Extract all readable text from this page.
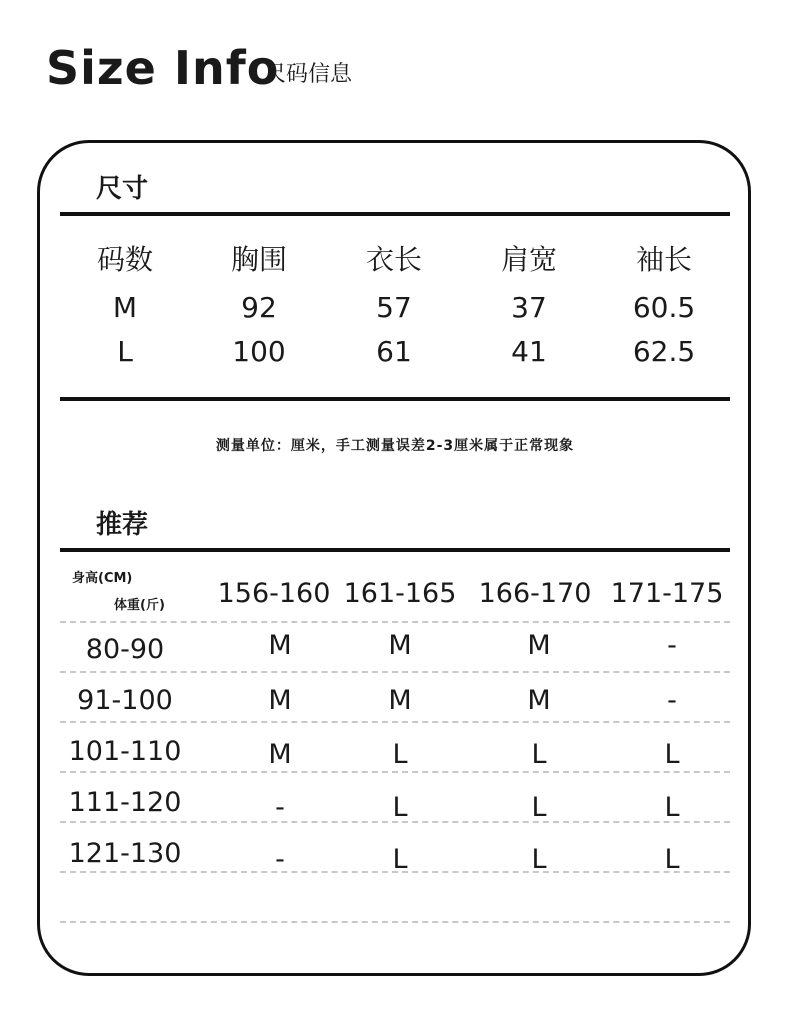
Size Info
尺码信息
尺寸
码数	胸围	衣长	肩宽	袖长
M	92	57	37	60.5
L	100	61	41	62.5
测量单位：厘米，手工测量误差2-3厘米属于正常现象
推荐
身高(CM)
体重(斤)	156-160 161-165 166-170 171-175
80-90	M	M	M	-
91-100	M	M	M	-
101-110	M	L	L	L
111-120	-	L	L	L
121-130	-	L	L	L
